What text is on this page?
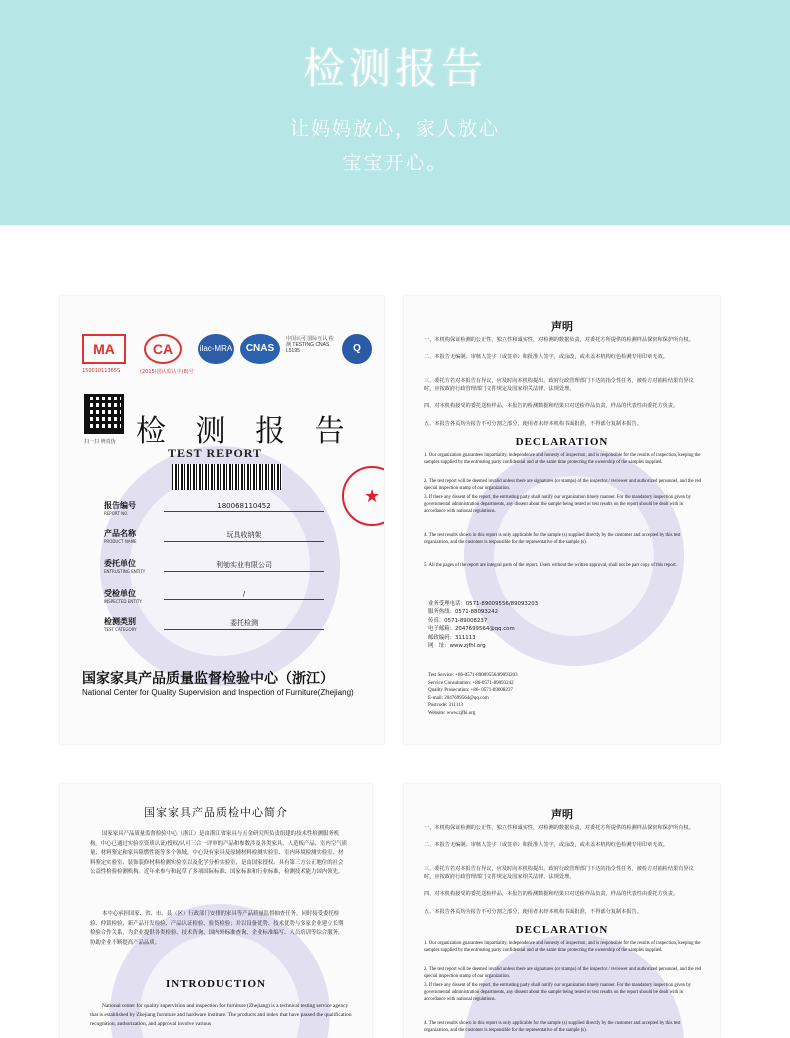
检测报告
让妈妈放心，家人放心
宝宝开心。
MA	CA	ilac-MRA	CNAS
中国认可 国际互认 检测 TESTING CNAS L5195	Q
15001011365S	(2015)国认监认字(8)号
扫一扫 辨真伪 检 测 报 告
TEST REPORT
★
报告编号
REPORT NO.
180068110452
产品名称
PRODUCT NAME
玩具收纳架
委托单位
ENTRUSTING ENTITY
利劬实业有限公司
受检单位
INSPECTED ENTITY
/
检测类别
TEST CATEGORY
委托检测
国家家具产品质量监督检验中心（浙江）
National Center for Quality Supervision and Inspection of Furniture(Zhejiang)
声明
一、本机构保证检测的公正性、独立性和诚实性，对检测的数据负责，对委托方所提供的检测样品保密和保护所有权。
二、本报告无编制、审核人签字（或签章）和批准人签字，或涂改，或未盖本机构红色检测专用印章无效。
三、委托方若对本报告有异议，应及时向本机构提出。政府行政管理部门下达的指令性任务，被检方对抽检结果有异议时，应按政府行政管理部门文件规定及国家相关法律、法规处理。
四、对本机构接受的委托送检样品，本报告的检测数据和结果只对送检样品负责，样品的代表性由委托方负责。
五、本报告各页均为报告不可分割之部分，使用者未经本机构书面批准，不得部分复制本报告。
DECLARATION
1. Our organization guarantees impartiality, independence and honesty of inspection, and is responsible for the results of inspection, keeping the samples supplied by the entrusting party confidential and at the same time protecting the ownership of the samples supplied.
2. The test report will be deemed invalid unless there are signatures (or stamps) of the inspector / reviewer and authorized personnel, and the red special inspection stamp of our organization.
3. If there any dissent of the report, the entrusting party shall notify our organization timely manner. For the mandatory inspection given by governmental administration departments, any dissent about the sample being tested or test results on the report should be dealt with in accordance with national regulations.
4. The test results shown in this report is only applicable for the sample (s) supplied directly by the customer and accepted by this test organization, and the customer is responsible for the representative of the sample (s).
5. All the pages of the report are integral parts of the report. Users without the written approval, shall not be part copy of this report.
业务受理电话：0571-89009556/89093203
服务热线：0571-88093242
传真：0571-89008237
电子邮箱：2047699564@qq.com
邮政编码：311113
网　址：www.zjfhi.org
Test Service: +86-0571-89009556/89093203
Service Consultation: +86-0571-89093242
Quality Prosecution: +86- 0571-89008237
E-mail: 2047699564@qq.com
Postcode: 311113
Website: www.zjfhi.org
国家家具产品质检中心简介
国家家具产品质量监督检验中心（浙江）是由浙江省家具与五金研究所负责组建的技术性检测服务机构。中心已通过实验室资质认证/授权/认可三合一评审的产品和参数涉及各类家具、人造板产品、室内空气质量、材料鉴定和家具阻燃性能等多个领域。中心设有家具及原辅材料检测实验室、室内环境检测实验室、材料鉴定实验室、装饰装修材料检测实验室以及化学分析实验室，是由国家授权、具有第三方公正地位的社会公益性检验检测机构。近年来参与和起草了多项国际标准、国家标准和行业标准，检测技术能力国内领先。
本中心承担国家、省、市、县（区）行政部门安排的家具等产品质量监督抽查任务，同时接受委托检验、仲裁检验、新产品开发检验、产品认证检验、验货检验；并以设备优势、技术优势与多家企业建立长期检验合作关系，为企业提供各类检验、技术咨询、国内外标准查询、企业标准编写、人员培训等综合服务，协助企业不断提高产品品质。
INTRODUCTION
National center for quality supervision and inspection for furniture (Zhejiang) is a technical testing service agency that is established by Zhejiang furniture and hardware institute. The products and index that have passed the qualification recognition, authorization, and approval involve various
声明
一、本机构保证检测的公正性、独立性和诚实性，对检测的数据负责，对委托方所提供的检测样品保密和保护所有权。
二、本报告无编制、审核人签字（或签章）和批准人签字，或涂改，或未盖本机构红色检测专用印章无效。
三、委托方若对本报告有异议，应及时向本机构提出。政府行政管理部门下达的指令性任务，被检方对抽检结果有异议时，应按政府行政管理部门文件规定及国家相关法律、法规处理。
四、对本机构接受的委托送检样品，本报告的检测数据和结果只对送检样品负责，样品的代表性由委托方负责。
五、本报告各页均为报告不可分割之部分，使用者未经本机构书面批准，不得部分复制本报告。
DECLARATION
1. Our organization guarantees impartiality, independence and honesty of inspection, and is responsible for the results of inspection, keeping the samples supplied by the entrusting party confidential and at the same time protecting the ownership of the samples supplied.
2. The test report will be deemed invalid unless there are signatures (or stamps) of the inspector / reviewer and authorized personnel, and the red special inspection stamp of our organization.
3. If there any dissent of the report, the entrusting party shall notify our organization timely manner. For the mandatory inspection given by governmental administration departments, any dissent about the sample being tested or test results on the report should be dealt with in accordance with national regulations.
4. The test results shown in this report is only applicable for the sample (s) supplied directly by the customer and accepted by this test organization, and the customer is responsible for the representative of the sample (s).
